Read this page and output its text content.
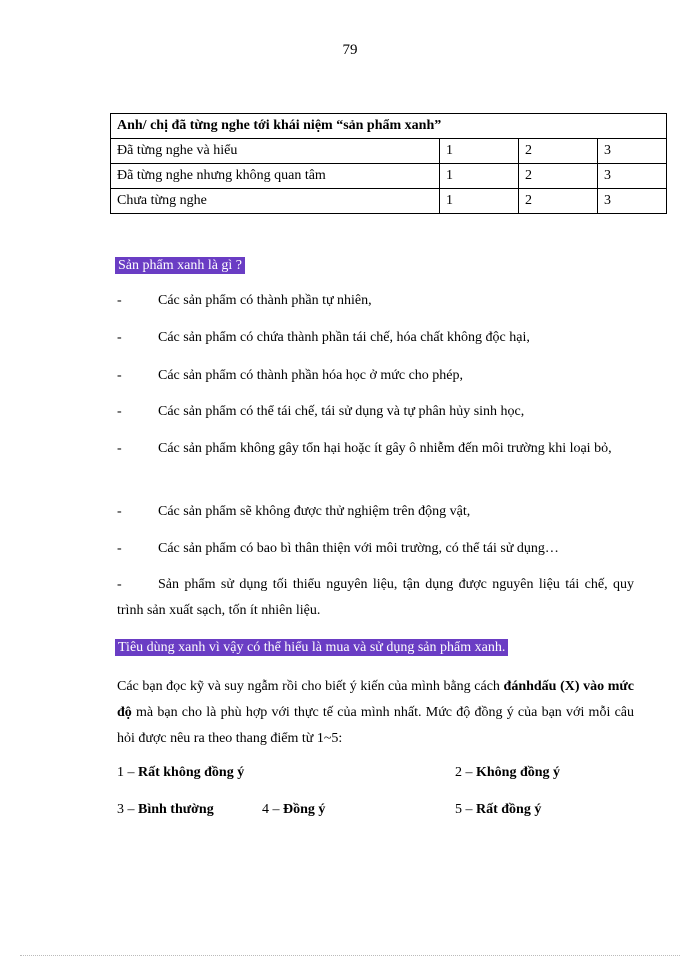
79
Anh/ chị đã từng nghe tới khái niệm “sản phẩm xanh”			
Đã từng nghe và hiểu	1	2	3
Đã từng nghe nhưng không quan tâm	1	2	3
Chưa từng nghe	1	2	3
Sản phẩm xanh là gì ?
-	Các sản phẩm có thành phần tự nhiên,
-	Các sản phẩm có chứa thành phần tái chế, hóa chất không độc hại,
-	Các sản phẩm có thành phần hóa học ở mức cho phép,
-	Các sản phẩm có thể tái chế, tái sử dụng và tự phân hủy sinh học,
-	Các sản phẩm không gây tổn hại hoặc ít gây ô nhiễm đến môi trường khi loại bỏ,
-	Các sản phẩm sẽ không được thử nghiệm trên động vật,
-	Các sản phẩm có bao bì thân thiện với môi trường, có thể tái sử dụng…
-	Sản phẩm sử dụng tối thiểu nguyên liệu, tận dụng được nguyên liệu tái chế, quy trình sản xuất sạch, tốn ít nhiên liệu.
Tiêu dùng xanh vì vậy có thể hiểu là mua và sử dụng sản phẩm xanh.
Các bạn đọc kỹ và suy ngẫm rồi cho biết ý kiến của mình bằng cách đánhdấu (X) vào mức độ mà bạn cho là phù hợp với thực tế của mình nhất. Mức độ đồng ý của bạn với mỗi câu hỏi được nêu ra theo thang điểm từ 1~5:
1 – Rất không đồng ý	2 – Không đồng ý
3 – Bình thường	4 – Đồng ý	5 – Rất đồng ý
